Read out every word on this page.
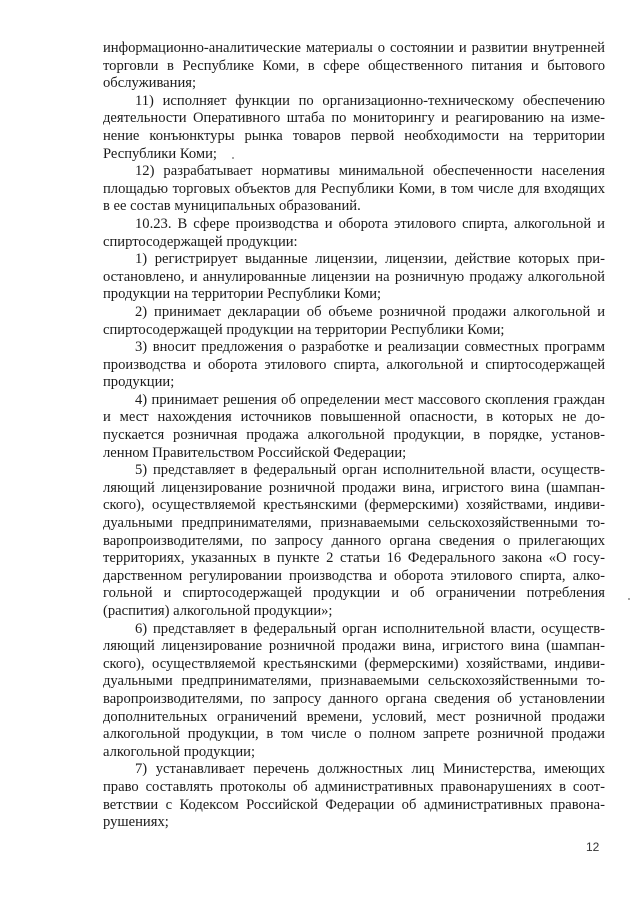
информационно-аналитические материалы о состоянии и развитии внутренней торговли в Республике Коми, в сфере общественного питания и бытового обслуживания;

11) исполняет функции по организационно-техническому обеспечению деятельности Оперативного штаба по мониторингу и реагированию на изменение конъюнктуры рынка товаров первой необходимости на территории Республики Коми;

12) разрабатывает нормативы минимальной обеспеченности населения площадью торговых объектов для Республики Коми, в том числе для входящих в ее состав муниципальных образований.

10.23. В сфере производства и оборота этилового спирта, алкогольной и спиртосодержащей продукции:

1) регистрирует выданные лицензии, лицензии, действие которых приостановлено, и аннулированные лицензии на розничную продажу алкогольной продукции на территории Республики Коми;

2) принимает декларации об объеме розничной продажи алкогольной и спиртосодержащей продукции на территории Республики Коми;

3) вносит предложения о разработке и реализации совместных программ производства и оборота этилового спирта, алкогольной и спиртосодержащей продукции;

4) принимает решения об определении мест массового скопления граждан и мест нахождения источников повышенной опасности, в которых не допускается розничная продажа алкогольной продукции, в порядке, установленном Правительством Российской Федерации;

5) представляет в федеральный орган исполнительной власти, осуществляющий лицензирование розничной продажи вина, игристого вина (шампанского), осуществляемой крестьянскими (фермерскими) хозяйствами, индивидуальными предпринимателями, признаваемыми сельскохозяйственными товаропроизводителями, по запросу данного органа сведения о прилегающих территориях, указанных в пункте 2 статьи 16 Федерального закона «О государственном регулировании производства и оборота этилового спирта, алкогольной и спиртосодержащей продукции и об ограничении потребления (распития) алкогольной продукции»;

6) представляет в федеральный орган исполнительной власти, осуществляющий лицензирование розничной продажи вина, игристого вина (шампанского), осуществляемой крестьянскими (фермерскими) хозяйствами, индивидуальными предпринимателями, признаваемыми сельскохозяйственными товаропроизводителями, по запросу данного органа сведения об установлении дополнительных ограничений времени, условий, мест розничной продажи алкогольной продукции, в том числе о полном запрете розничной продажи алкогольной продукции;

7) устанавливает перечень должностных лиц Министерства, имеющих право составлять протоколы об административных правонарушениях в соответствии с Кодексом Российской Федерации об административных правонарушениях;

12
